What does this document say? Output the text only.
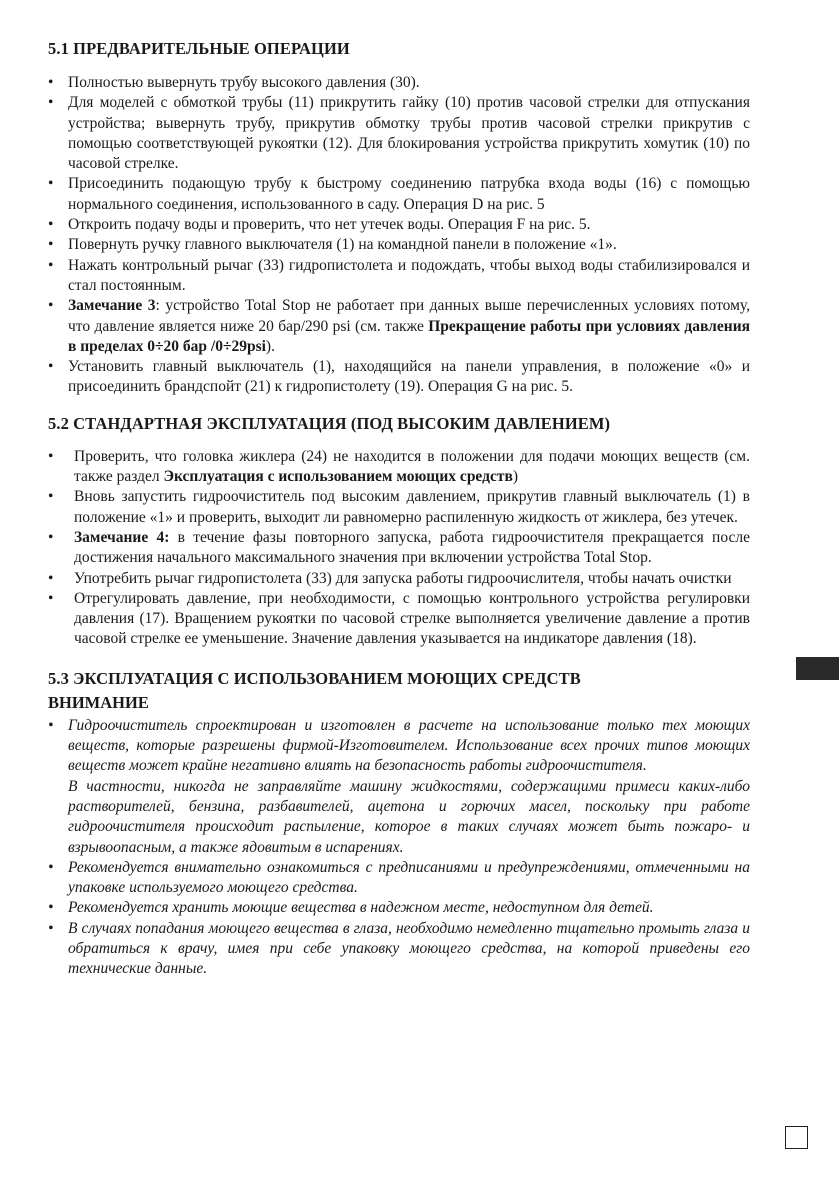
5.1 ПРЕДВАРИТЕЛЬНЫЕ ОПЕРАЦИИ
• Полностью вывернуть трубу высокого давления (30).
• Для моделей с обмоткой трубы (11) прикрутить гайку (10) против часовой стрелки для отпускания устройства; вывернуть трубу, прикрутив обмотку трубы против часовой стрелки прикрутив с помощью соответствующей рукоятки (12). Для блокирования устройства прикрутить хомутик (10) по часовой стрелке.
• Присоединить подающую трубу к быстрому соединению патрубка входа воды (16) с помощью нормального соединения, использованного в саду. Операция D на рис. 5
• Откроить подачу воды и проверить, что нет утечек воды. Операция F на рис. 5.
• Повернуть ручку главного выключателя (1) на командной панели в положение «1».
• Нажать контрольный рычаг (33) гидропистолета и подождать, чтобы выход воды стабилизировался и стал постоянным.
• Замечание 3: устройство Total Stop не работает при данных выше перечисленных условиях потому, что давление является ниже 20 бар/290 psi (см. также Прекращение работы при условиях давления в пределах 0÷20 бар /0÷29psi).
• Установить главный выключатель (1), находящийся на панели управления, в положение «0» и присоединить брандспойт (21) к гидропистолету (19). Операция G на рис. 5.
5.2 СТАНДАРТНАЯ ЭКСПЛУАТАЦИЯ (ПОД ВЫСОКИМ ДАВЛЕНИЕМ)
• Проверить, что головка жиклера (24) не находится в положении для подачи моющих веществ (см. также раздел Эксплуатация с использованием моющих средств)
• Вновь запустить гидроочиститель под высоким давлением, прикрутив главный выключатель (1) в положение «1» и проверить, выходит ли равномерно распиленную жидкость от жиклера, без утечек.
• Замечание 4: в течение фазы повторного запуска, работа гидроочистителя прекращается после достижения начального максимального значения при включении устройства Total Stop.
• Употребить рычаг гидропистолета (33) для запуска работы гидроочислителя, чтобы начать очистки
• Отрегулировать давление, при необходимости, с помощью контрольного устройства регулировки давления (17). Вращением рукоятки по часовой стрелке выполняется увеличение давление а против часовой стрелке ее уменьшение. Значение давления указывается на индикаторе давления (18).
5.3 ЭКСПЛУАТАЦИЯ С ИСПОЛЬЗОВАНИЕМ МОЮЩИХ СРЕДСТВ
ВНИМАНИЕ
• Гидроочиститель спроектирован и изготовлен в расчете на использование только тех моющих веществ, которые разрешены фирмой-Изготовителем. Использование всех прочих типов моющих веществ может крайне негативно влиять на безопасность работы гидроочистителя.

В частности, никогда не заправляйте машину жидкостями, содержащими примеси каких-либо растворителей, бензина, разбавителей, ацетона и горючих масел, поскольку при работе гидроочистителя происходит распыление, которое в таких случаях может быть пожаро- и взрывоопасным, а также ядовитым в испарениях.

• Рекомендуется внимательно ознакомиться с предписаниями и предупреждениями, отмеченными на упаковке используемого моющего средства.
• Рекомендуется хранить моющие вещества в надежном месте, недоступном для детей.
• В случаях попадания моющего вещества в глаза, необходимо немедленно тщательно промыть глаза и обратиться к врачу, имея при себе упаковку моющего средства, на которой приведены его технические данные.
